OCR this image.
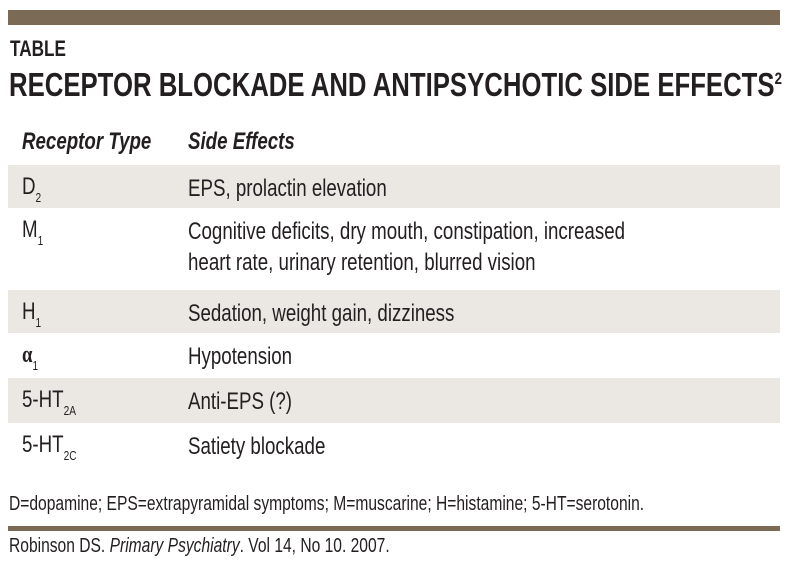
TABLE
RECEPTOR BLOCKADE AND ANTIPSYCHOTIC SIDE EFFECTS$^2$
Receptor Type	Side Effects
$D_2$	EPS, prolactin elevation
$M_1$	Cognitive deficits, dry mouth, constipation, increased
heart rate, urinary retention, blurred vision
$H_1$	Sedation, weight gain, dizziness
$\alpha_1$	Hypotension
$5-HT_{2A}$	Anti-EPS (?)
$5-HT_{2C}$	Satiety blockade
D=dopamine; EPS=extrapyramidal symptoms; M=muscarine; H=histamine; 5-HT=serotonin.
Robinson DS. Primary Psychiatry. Vol 14, No 10. 2007.
